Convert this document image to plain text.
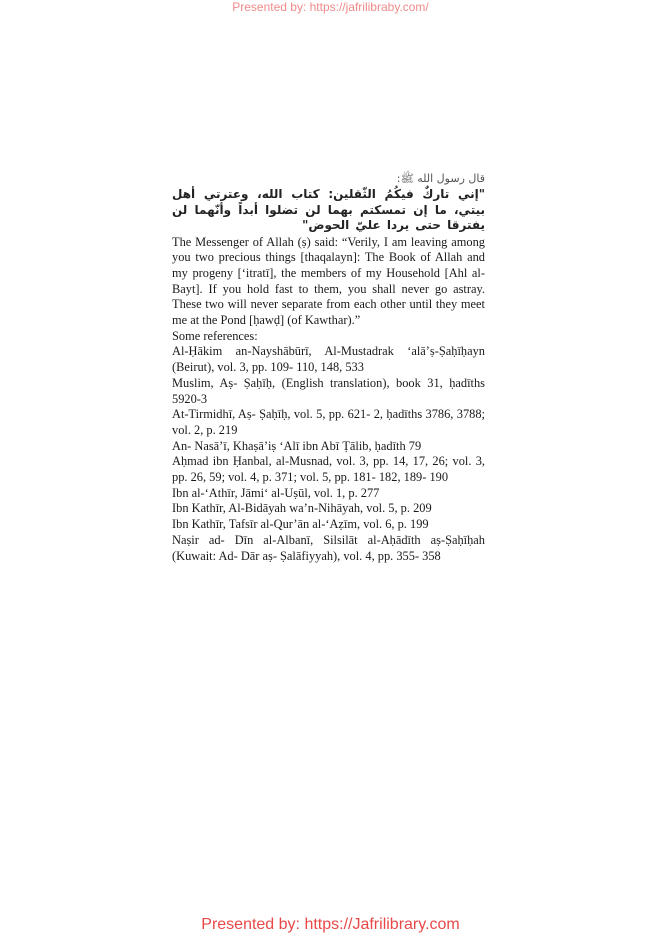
Presented by: https://jafrilibraby.com/
قال رسول الله ﷺ:
"إني تاركٌ فيكُمُ الثّقلين: كتاب الله، وعترتي أهل بيتي، ما إن تمسكتم بهما لن تضلوا أبداً وأنّهما لن يفترقا حتى يردا عليّ الحوض"
The Messenger of Allah (ṣ) said: “Verily, I am leaving among you two precious things [thaqalayn]: The Book of Allah and my progeny [‘itratī], the members of my Household [Ahl al-Bayt]. If you hold fast to them, you shall never go astray. These two will never separate from each other until they meet me at the Pond [ḥawḍ] (of Kawthar).”
Some references:
Al-Ḥākim an-Nayshābūrī, Al-Mustadrak ‘alā’ṣ-Ṣaḥīḥayn (Beirut), vol. 3, pp. 109- 110, 148, 533
Muslim, Aṣ- Ṣaḥīḥ, (English translation), book 31, ḥadīths 5920-3
At-Tirmidhī, Aṣ- Ṣaḥīḥ, vol. 5, pp. 621- 2, ḥadīths 3786, 3788; vol. 2, p. 219
An- Nasā’ī, Khaṣā’iṣ ‘Alī ibn Abī Ṭālib, ḥadīth 79
Aḥmad ibn Ḥanbal, al-Musnad, vol. 3, pp. 14, 17, 26; vol. 3, pp. 26, 59; vol. 4, p. 371; vol. 5, pp. 181- 182, 189- 190
Ibn al-‘Athīr, Jāmi‘ al-Uṣūl, vol. 1, p. 277
Ibn Kathīr, Al-Bidāyah wa’n-Nihāyah, vol. 5, p. 209
Ibn Kathīr, Tafsīr al-Qur’ān al-‘Aẓīm, vol. 6, p. 199
Naṣir ad- Dīn al-Albanī, Silsilāt al-Aḥādīth aṣ-Ṣaḥīḥah (Kuwait: Ad- Dār aṣ- Ṣalāfiyyah), vol. 4, pp. 355- 358
Presented by: https://Jafrilibrary.com
